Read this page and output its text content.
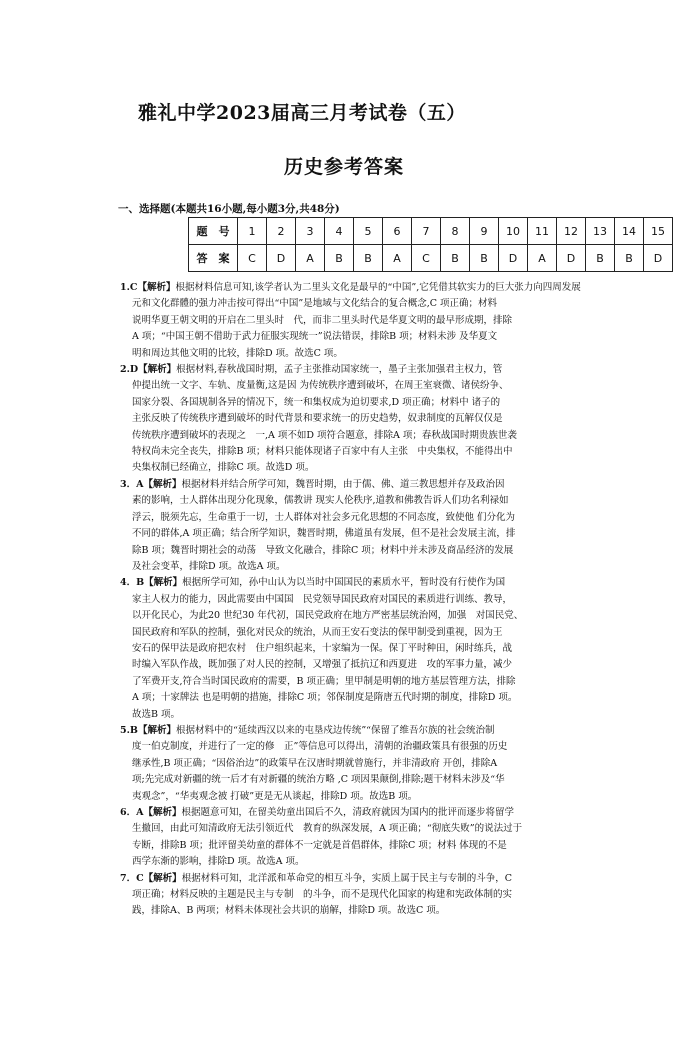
雅礼中学2023届高三月考试卷（五）
历史参考答案
一、选择题(本题共16小题,每小题3分,共48分)
题　号	1	2	3	4	5	6	7	8	9	10	11	12	13	14	15
答　案	C	D	A	B	B	A	C	B	B	D	A	D	B	B	D
1.C【解析】根据材料信息可知,该学者认为二里头文化是最早的“中国”,它凭借其软实力的巨大张力向四周发展
元和文化群體的强力冲击按可得出“中国”是地域与文化结合的复合概念,C 项正确；材料
说明华夏王朝文明的开启在二里头时　代，而非二里头时代是华夏文明的最早形成期，排除
A 项；“中国王朝不借助于武力征服实现统一”说法错误，排除B 项；材料未涉 及华夏文
明和周边其他文明的比较，排除D 项。故选C 项。
2.D【解析】根据材料,春秋战国时期，孟子主张推动国家统一，墨子主张加强君主权力，管
仲提出统一文字、车轨、度量衡,这是因 为传统秩序遭到破坏，在周王室衰微、诸侯纷争、
国家分裂、各国规制各异的情况下，统一和集权成为迫切要求,D 项正确；材料中 诸子的
主张反映了传统秩序遭到破坏的时代背景和要求统一的历史趋势，奴隶制度的瓦解仅仅是
传统秩序遭到破坏的表现之　一,A 项不如D 项符合题意，排除A 项；春秋战国时期贵族世袭
特权尚未完全丧失，排除B 项；材料只能体现诸子百家中有人主张　中央集权，不能得出中
央集权制已经确立，排除C 项。故选D 项。
3．A【解析】根据材料并结合所学可知，魏晋时期，由于儒、佛、道三教思想并存及政治因
素的影响，士人群体出现分化现象，儒教讲 现实人伦秩序,道教和佛教告诉人们功名利禄如
浮云，脱须先忘，生命重于一切，士人群体对社会多元化思想的不同态度，致使他 们分化为
不同的群体,A 项正确；结合所学知识，魏晋时期，佛道虽有发展，但不是社会发展主流，排
除B 项；魏晋时期社会的动荡　导致文化融合，排除C 项；材料中并未涉及商品经济的发展
及社会变革，排除D 项。故选A 项。
4．B【解析】根据所学可知，孙中山认为以当时中国国民的素质水平，暂时没有行使作为国
家主人权力的能力，因此需要由中国国　民党领导国民政府对国民的素质进行训练、教导，
以开化民心，为此20 世纪30 年代初，国民党政府在地方严密基层统治网，加强　对国民党、
国民政府和军队的控制，强化对民众的统治，从而王安石变法的保甲制受到重视，因为王
安石的保甲法是政府把农村　住户组织起来，十家编为一保。保丁平时种田，闲时练兵，战
时编入军队作战，既加强了对人民的控制，又增强了抵抗辽和西夏进　攻的军事力量，减少
了军费开支,符合当时国民政府的需要，B 项正确；里甲制是明朝的地方基层管理方法，排除
A 项；十家牌法 也是明朝的措施，排除C 项；邻保制度是隋唐五代时期的制度，排除D 项。
故选B 项。
5.B【解析】根据材料中的“延续西汉以来的屯垦戍边传统”“保留了维吾尔族的社会统治制
度一伯克制度，并进行了一定的修　正”等信息可以得出，清朝的治疆政策具有很强的历史
继承性,B 项正确；“因俗治边”的政策早在汉唐时期就曾施行，并非清政府 开创，排除A
项;先完成对新疆的统一后才有对新疆的统治方略 ,C 项因果颠倒,排除;题干材料未涉及“华
夷观念”，“华夷观念被 打破”更是无从谈起，排除D 项。故选B 项。
6．A【解析】根据题意可知，在留美幼童出国后不久，清政府就因为国内的批评而逐步将留学
生撤回，由此可知清政府无法引领近代　教育的纵深发展，A 项正确；“彻底失败”的说法过于
专断，排除B 项；批评留美幼童的群体不一定就是首倡群体，排除C 项；材料 体现的不是
西学东渐的影响，排除D 项。故选A 项。
7．C【解析】根据材料可知，北洋派和革命党的相互斗争，实质上属于民主与专制的斗争，C
项正确；材料反映的主题是民主与专制　的斗争，而不是现代化国家的构建和宪政体制的实
践，排除A、B 两项；材料未体现社会共识的崩解，排除D 项。故选C 项。
